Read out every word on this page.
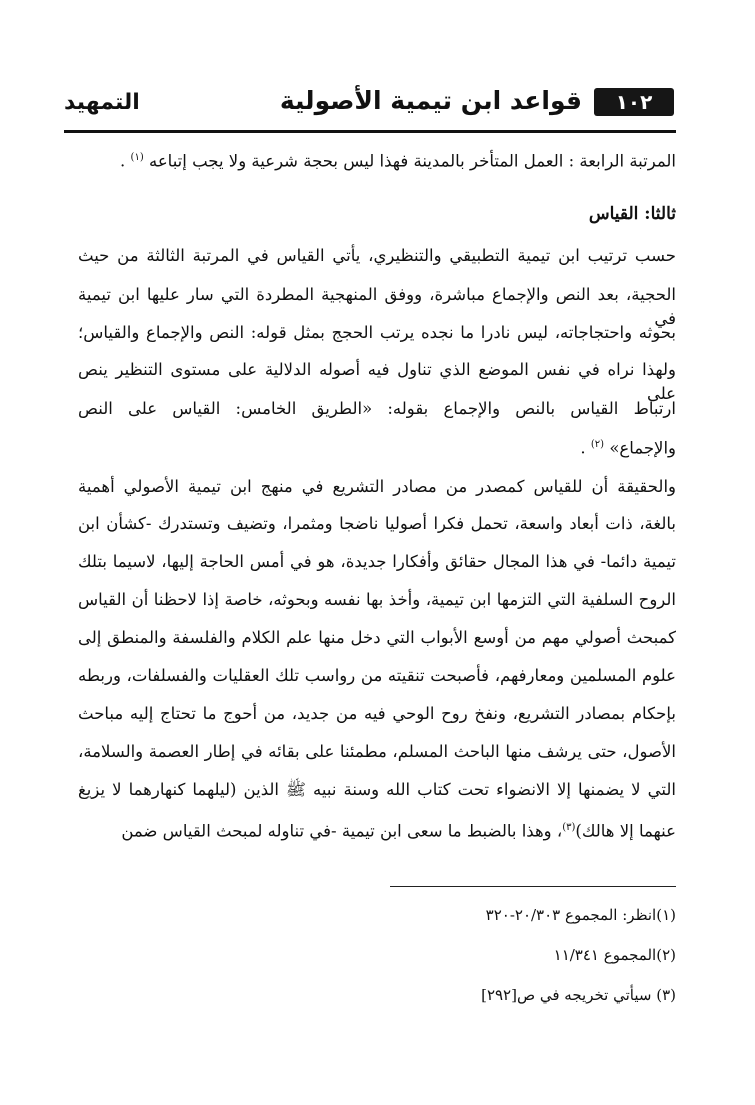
١٠٢
قواعد ابن تيمية الأصولية
التمهيد
المرتبة الرابعة : العمل المتأخر بالمدينة فهذا ليس بحجة شرعية ولا يجب إتباعه $^{(١)}$ .
ثالثا: القياس
حسب ترتيب ابن تيمية التطبيقي والتنظيري، يأتي القياس في المرتبة الثالثة من حيث
الحجية، بعد النص والإجماع مباشرة، ووفق المنهجية المطردة التي سار عليها ابن تيمية في
بحوثه واحتجاجاته، ليس نادرا ما نجده يرتب الحجج بمثل قوله: النص والإجماع والقياس؛
ولهذا نراه في نفس الموضع الذي تناول فيه أصوله الدلالية على مستوى التنظير ينص على
ارتباط القياس بالنص والإجماع بقوله: «الطريق الخامس: القياس على النص
والإجماع» $^{(٢)}$ .
والحقيقة أن للقياس كمصدر من مصادر التشريع في منهج ابن تيمية الأصولي أهمية
بالغة، ذات أبعاد واسعة، تحمل فكرا أصوليا ناضجا ومثمرا، وتضيف وتستدرك -كشأن ابن
تيمية دائما- في هذا المجال حقائق وأفكارا جديدة، هو في أمس الحاجة إليها، لاسيما بتلك
الروح السلفية التي التزمها ابن تيمية، وأخذ بها نفسه وبحوثه، خاصة إذا لاحظنا أن القياس
كمبحث أصولي مهم من أوسع الأبواب التي دخل منها علم الكلام والفلسفة والمنطق إلى
علوم المسلمين ومعارفهم، فأصبحت تنقيته من رواسب تلك العقليات والفسلفات، وربطه
بإحكام بمصادر التشريع، ونفخ روح الوحي فيه من جديد، من أحوج ما تحتاج إليه مباحث
الأصول، حتى يرشف منها الباحث المسلم، مطمئنا على بقائه في إطار العصمة والسلامة،
التي لا يضمنها إلا الانضواء تحت كتاب الله وسنة نبيه ﷺ الذين (ليلهما كنهارهما لا يزيغ
عنهما إلا هالك)$^{(٣)}$، وهذا بالضبط ما سعى ابن تيمية -في تناوله لمبحث القياس ضمن
(١)انظر: المجموع ٢٠/٣٠٣-٣٢٠
(٢)المجموع ١١/٣٤١
(٣) سيأتي تخريجه في ص[٢٩٢]
